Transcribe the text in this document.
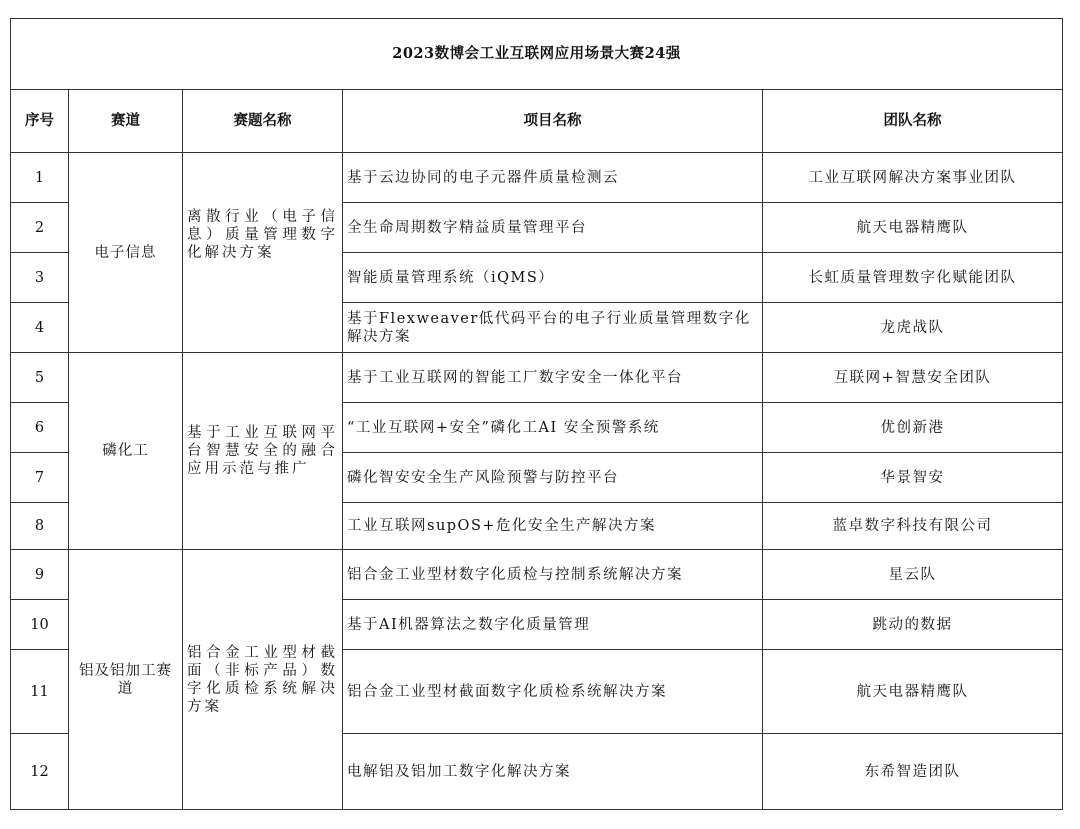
2023数博会工业互联网应用场景大赛24强				
序号	赛道	赛题名称	项目名称	团队名称
1	电子信息	离散行业（电子信息）质量管理数字化解决方案	基于云边协同的电子元器件质量检测云	工业互联网解决方案事业团队
2			全生命周期数字精益质量管理平台	航天电器精鹰队
3			智能质量管理系统（iQMS）	长虹质量管理数字化赋能团队
4			基于Flexweaver低代码平台的电子行业质量管理数字化解决方案	龙虎战队
5	磷化工	基于工业互联网平台智慧安全的融合应用示范与推广	基于工业互联网的智能工厂数字安全一体化平台	互联网+智慧安全团队
6			“工业互联网+安全”磷化工AI 安全预警系统	优创新港
7			磷化智安安全生产风险预警与防控平台	华景智安
8			工业互联网supOS+危化安全生产解决方案	蓝卓数字科技有限公司
9	铝及铝加工赛道	铝合金工业型材截面（非标产品）数字化质检系统解决方案	铝合金工业型材数字化质检与控制系统解决方案	星云队
10			基于AI机器算法之数字化质量管理	跳动的数据
11			铝合金工业型材截面数字化质检系统解决方案	航天电器精鹰队
12			电解铝及铝加工数字化解决方案	东希智造团队
